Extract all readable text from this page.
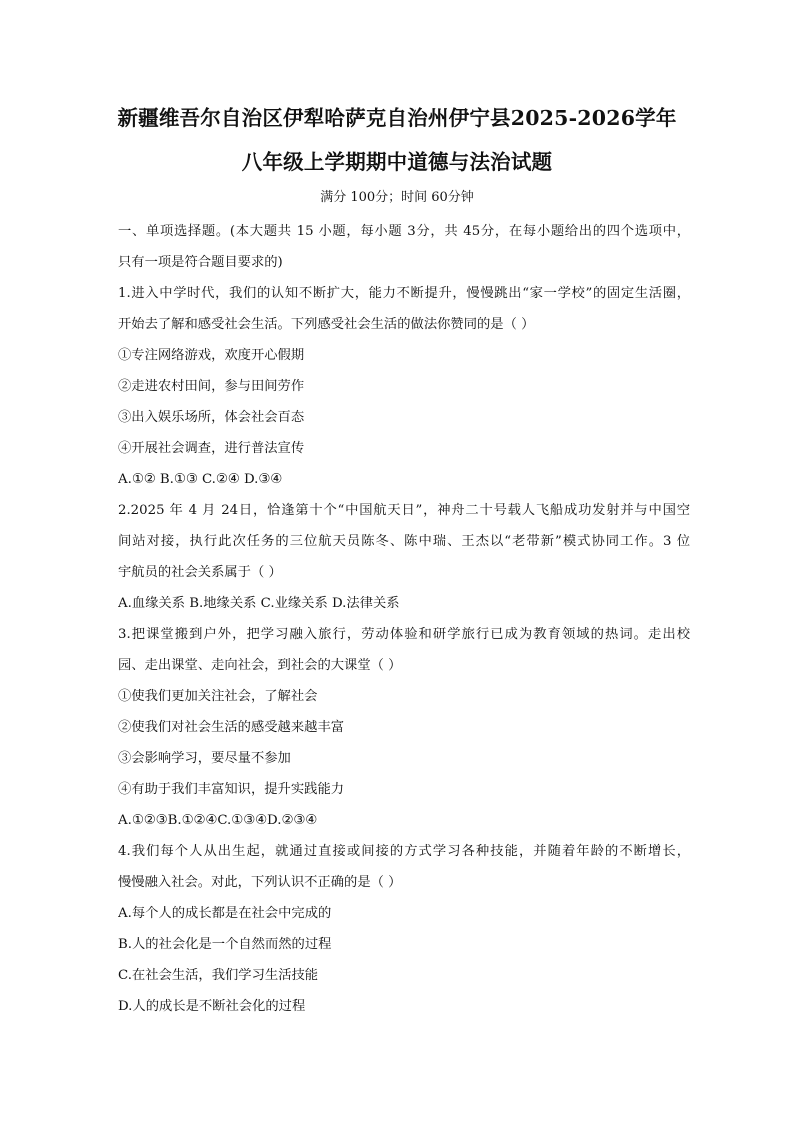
新疆维吾尔自治区伊犁哈萨克自治州伊宁县2025-2026学年
八年级上学期期中道德与法治试题
满分 100分；时间 60分钟
一、单项选择题。(本大题共 15 小题，每小题 3分，共 45分，在每小题给出的四个选项中，
只有一项是符合题目要求的)
1.进入中学时代，我们的认知不断扩大，能力不断提升，慢慢跳出“家一学校”的固定生活圈，
开始去了解和感受社会生活。下列感受社会生活的做法你赞同的是（ ）
①专注网络游戏，欢度开心假期
②走进农村田间，参与田间劳作
③出入娱乐场所，体会社会百态
④开展社会调查，进行普法宣传
A.①② B.①③ C.②④ D.③④
2.2025 年 4 月 24日，恰逢第十个“中国航天日”，神舟二十号载人飞船成功发射并与中国空
间站对接，执行此次任务的三位航天员陈冬、陈中瑞、王杰以“老带新”模式协同工作。3 位
宇航员的社会关系属于（ ）
A.血缘关系 B.地缘关系 C.业缘关系 D.法律关系
3.把课堂搬到户外，把学习融入旅行，劳动体验和研学旅行已成为教育领域的热词。走出校
园、走出课堂、走向社会，到社会的大课堂（ ）
①使我们更加关注社会，了解社会
②使我们对社会生活的感受越来越丰富
③会影响学习，要尽量不参加
④有助于我们丰富知识，提升实践能力
A.①②③B.①②④C.①③④D.②③④
4.我们每个人从出生起，就通过直接或间接的方式学习各种技能，并随着年龄的不断增长，
慢慢融入社会。对此，下列认识不正确的是（ ）
A.每个人的成长都是在社会中完成的
B.人的社会化是一个自然而然的过程
C.在社会生活，我们学习生活技能
D.人的成长是不断社会化的过程
